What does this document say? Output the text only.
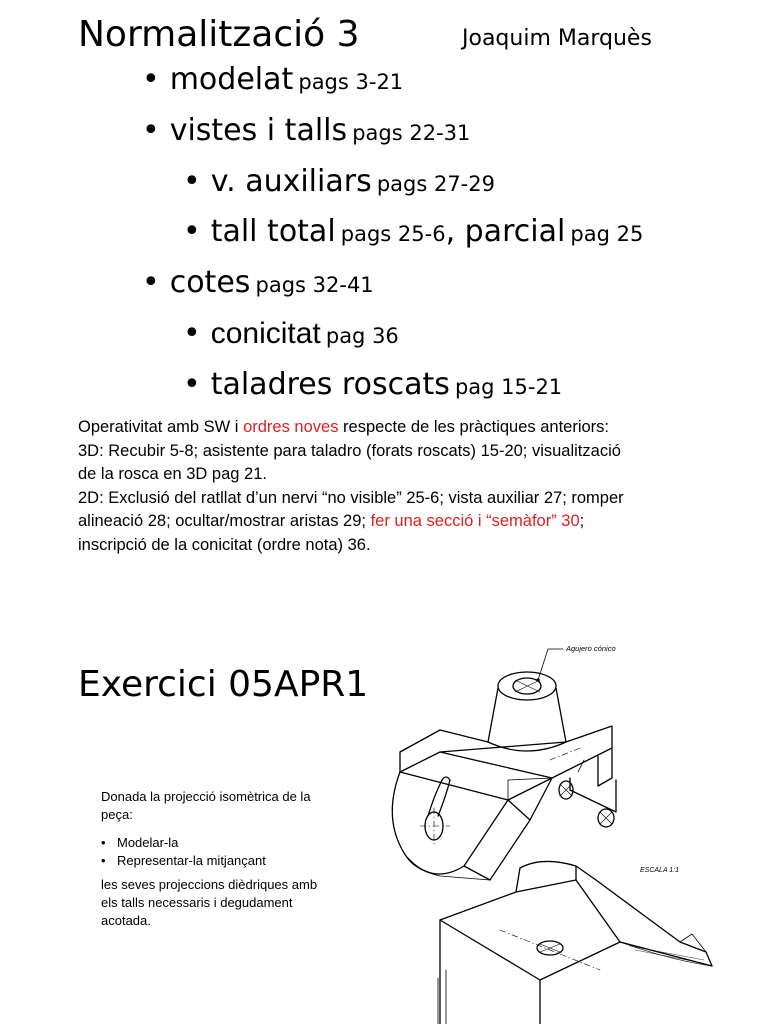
Normalització 3	Joaquim Marquès
• modelat pags 3-21
• vistes i talls pags 22-31
• v. auxiliars pags 27-29
• tall total pags 25-6, parcial pag 25
• cotes pags 32-41
• conicitat pag 36
• taladres roscats pag 15-21

Operativitat amb SW i ordres noves respecte de les pràctiques anteriors:

3D: Recubir 5-8; asistente para taladro (forats roscats) 15-20; visualització

de la rosca en 3D pag 21.

2D: Exclusió del ratllat d’un nervi “no visible” 25-6; vista auxiliar 27; romper

alineació 28; ocultar/mostrar aristas 29; fer una secció i “semàfor” 30;

inscripció de la conicitat (ordre nota) 36.

Exercici 05APR1

Donada la projecció isomètrica de la peça:

• Modelar-la
• Representar-la mitjançant

les seves projeccions dièdriques amb els talls necessaris i degudament acotada.

Agujero cónico
ESCALA 1:1
